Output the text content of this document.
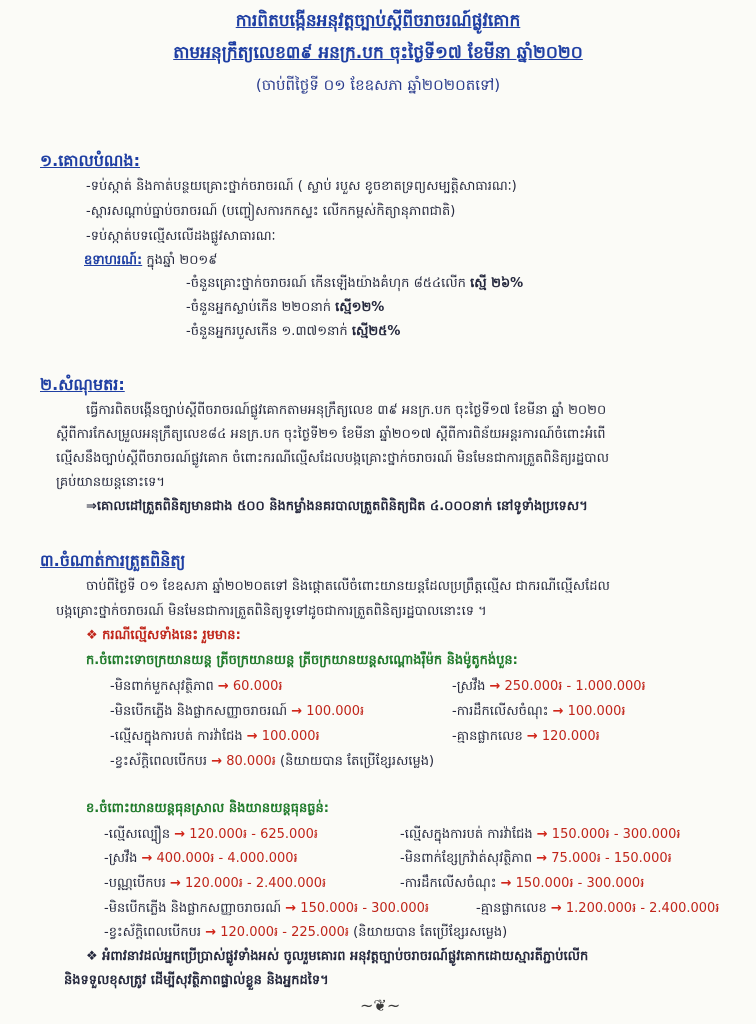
ការពិតបង្កើនអនុវត្តច្បាប់ស្តីពីចរាចរណ៍ផ្លូវគោក
តាមអនុក្រឹត្យលេខ៣៩ អនក្រ.បក ចុះថ្ងៃទី១៧ ខែមីនា ឆ្នាំ២០២០
(ចាប់ពីថ្ងៃទី ០១ ខែឧសភា ឆ្នាំ២០២០តទៅ)
១.គោលបំណង:
-ទប់ស្កាត់ និងកាត់បន្ថយគ្រោះថ្នាក់ចរាចរណ៍ ( ស្លាប់ របួស ខូចខាតទ្រព្យសម្បត្តិសាធារណៈ)
-ស្តារសណ្តាប់ធ្នាប់ចរាចរណ៍ (បញ្ចៀសការកកស្ទះ លើកកម្ពស់កិត្យានុភាពជាតិ)
-ទប់ស្កាត់បទល្មើសលើដងផ្លូវសាធារណៈ
ឧទាហរណ៍: ក្នុងឆ្នាំ ២០១៩
-ចំនួនគ្រោះថ្នាក់ចរាចរណ៍ កើនឡើងយ៉ាងគំហុក ៨៥៤លើក ស្មើ ២៦%
-ចំនួនអ្នកស្លាប់កើន ២២០នាក់ ស្មើ១២%
-ចំនួនអ្នករបួសកើន ១.៣៧១នាក់ ស្មើ២៥%
២.សំណុមតរ:
ធ្វើការពិតបង្កើនច្បាប់ស្តីពីចរាចរណ៍ផ្លូវគោកតាមអនុក្រឹត្យលេខ ៣៩ អនក្រ.បក ចុះថ្ងៃទី១៧ ខែមីនា ឆ្នាំ ២០២០
ស្តីពីការកែសម្រួលអនុក្រឹត្យលេខ៨៤ អនក្រ.បក ចុះថ្ងៃទី២១ ខែមីនា ឆ្នាំ២០១៧ ស្តីពីការពិន័យអន្តរការណ៍ចំពោះអំពើ
ល្មើសនឹងច្បាប់ស្តីពីចរាចរណ៍ផ្លូវគោក ចំពោះករណីល្មើសដែលបង្កគ្រោះថ្នាក់ចរាចរណ៍ មិនមែនជាការត្រួតពិនិត្យរដ្ឋបាល
គ្រប់យានយន្តនោះទេ។
⇒គោលដៅត្រួតពិនិត្យមានជាង ៥០០ និងកម្លាំងនគរបាលត្រួតពិនិត្យជិត ៤.០០០នាក់ នៅទូទាំងប្រទេស។
៣.ចំណាត់ការត្រួតពិនិត្យ
ចាប់ពីថ្ងៃទី ០១ ខែឧសភា ឆ្នាំ២០២០តទៅ និងផ្តោតលើចំពោះយានយន្តដែលប្រព្រឹត្តល្មើស ជាករណីល្មើសដែល
បង្កគ្រោះថ្នាក់ចរាចរណ៍ មិនមែនជាការត្រួតពិនិត្យទូទៅដូចជាការត្រួតពិនិត្យរដ្ឋបាលនោះទេ ។
❖ ករណីល្មើសទាំងនេះ រួមមាន:
ក.ចំពោះទោចក្រយានយន្ត ត្រីចក្រយានយន្ត ត្រីចក្រយានយន្តសណ្តោងរ៉ឺម៉ក និងម៉ូតូកង់បួន:
-មិនពាក់មួកសុវត្ថិភាព → 60.000៛
-មិនបើកភ្លើង និងផ្លាកសញ្ញាចរាចរណ៍ → 100.000៛
-ល្មើសក្នុងការបត់ ការវ៉ាជែង → 100.000៛
-ខ្វះស័ក្តិពេលបើកបរ → 80.000៛ (និយាយបាន តែប្រើខ្សែរសម្លេង)
-ស្រវឹង → 250.000៛ - 1.000.000៛
-ការដឹកលើសចំណុះ → 100.000៛
-គ្មានផ្លាកលេខ → 120.000៛
ខ.ចំពោះយានយន្តធុនស្រាល និងយានយន្តធុនធ្ងន់:
-ល្មើសល្បឿន → 120.000៛ - 625.000៛
-ស្រវឹង → 400.000៛ - 4.000.000៛
-បណ្ណបើកបរ → 120.000៛ - 2.400.000៛
-មិនបើកភ្លើង និងផ្លាកសញ្ញាចរាចរណ៍ → 150.000៛ - 300.000៛
-ខ្វះស័ក្តិពេលបើកបរ → 120.000៛ - 225.000៛ (និយាយបាន តែប្រើខ្សែរសម្លេង)
-ល្មើសក្នុងការបត់ ការវ៉ាជែង → 150.000៛ - 300.000៛
-មិនពាក់ខ្សែក្រវ៉ាត់សុវត្ថិភាព → 75.000៛ - 150.000៛
-ការដឹកលើសចំណុះ → 150.000៛ - 300.000៛
-គ្មានផ្លាកលេខ → 1.200.000៛ - 2.400.000៛
❖ អំពាវនាវដល់អ្នកប្រើប្រាស់ផ្លូវទាំងអស់ ចូលរួមគោរព អនុវត្តច្បាប់ចរាចរណ៍ផ្លូវគោកដោយស្មារតីភ្ជាប់លើក
និងទទួលខុសត្រូវ ដើម្បីសុវត្ថិភាពផ្ទាល់ខ្លួន និងអ្នកដទៃ។
~❦~
